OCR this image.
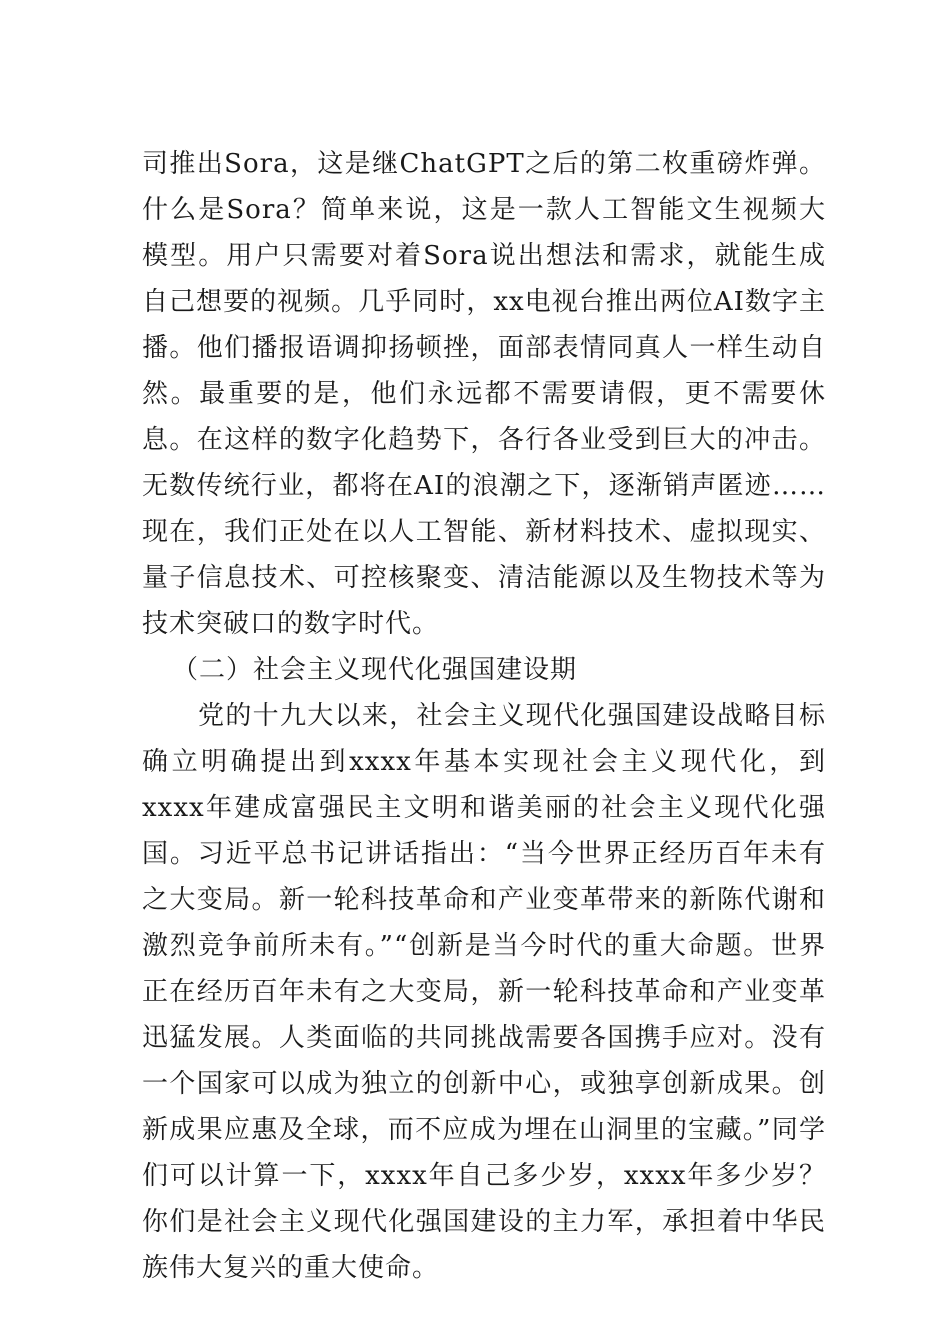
司推出Sora，这是继ChatGPT之后的第二枚重磅炸弹。什么是Sora？简单来说，这是一款人工智能文生视频大模型。用户只需要对着Sora说出想法和需求，就能生成自己想要的视频。几乎同时，xx电视台推出两位AI数字主播。他们播报语调抑扬顿挫，面部表情同真人一样生动自然。最重要的是，他们永远都不需要请假，更不需要休息。在这样的数字化趋势下，各行各业受到巨大的冲击。无数传统行业，都将在AI的浪潮之下，逐渐销声匿迹……现在，我们正处在以人工智能、新材料技术、虚拟现实、量子信息技术、可控核聚变、清洁能源以及生物技术等为技术突破口的数字时代。

（二）社会主义现代化强国建设期

党的十九大以来，社会主义现代化强国建设战略目标确立明确提出到xxxx年基本实现社会主义现代化，到xxxx年建成富强民主文明和谐美丽的社会主义现代化强国。习近平总书记讲话指出：“当今世界正经历百年未有之大变局。新一轮科技革命和产业变革带来的新陈代谢和激烈竞争前所未有。”“创新是当今时代的重大命题。世界正在经历百年未有之大变局，新一轮科技革命和产业变革迅猛发展。人类面临的共同挑战需要各国携手应对。没有一个国家可以成为独立的创新中心，或独享创新成果。创新成果应惠及全球，而不应成为埋在山洞里的宝藏。”同学们可以计算一下，xxxx年自己多少岁，xxxx年多少岁？你们是社会主义现代化强国建设的主力军，承担着中华民族伟大复兴的重大使命。
